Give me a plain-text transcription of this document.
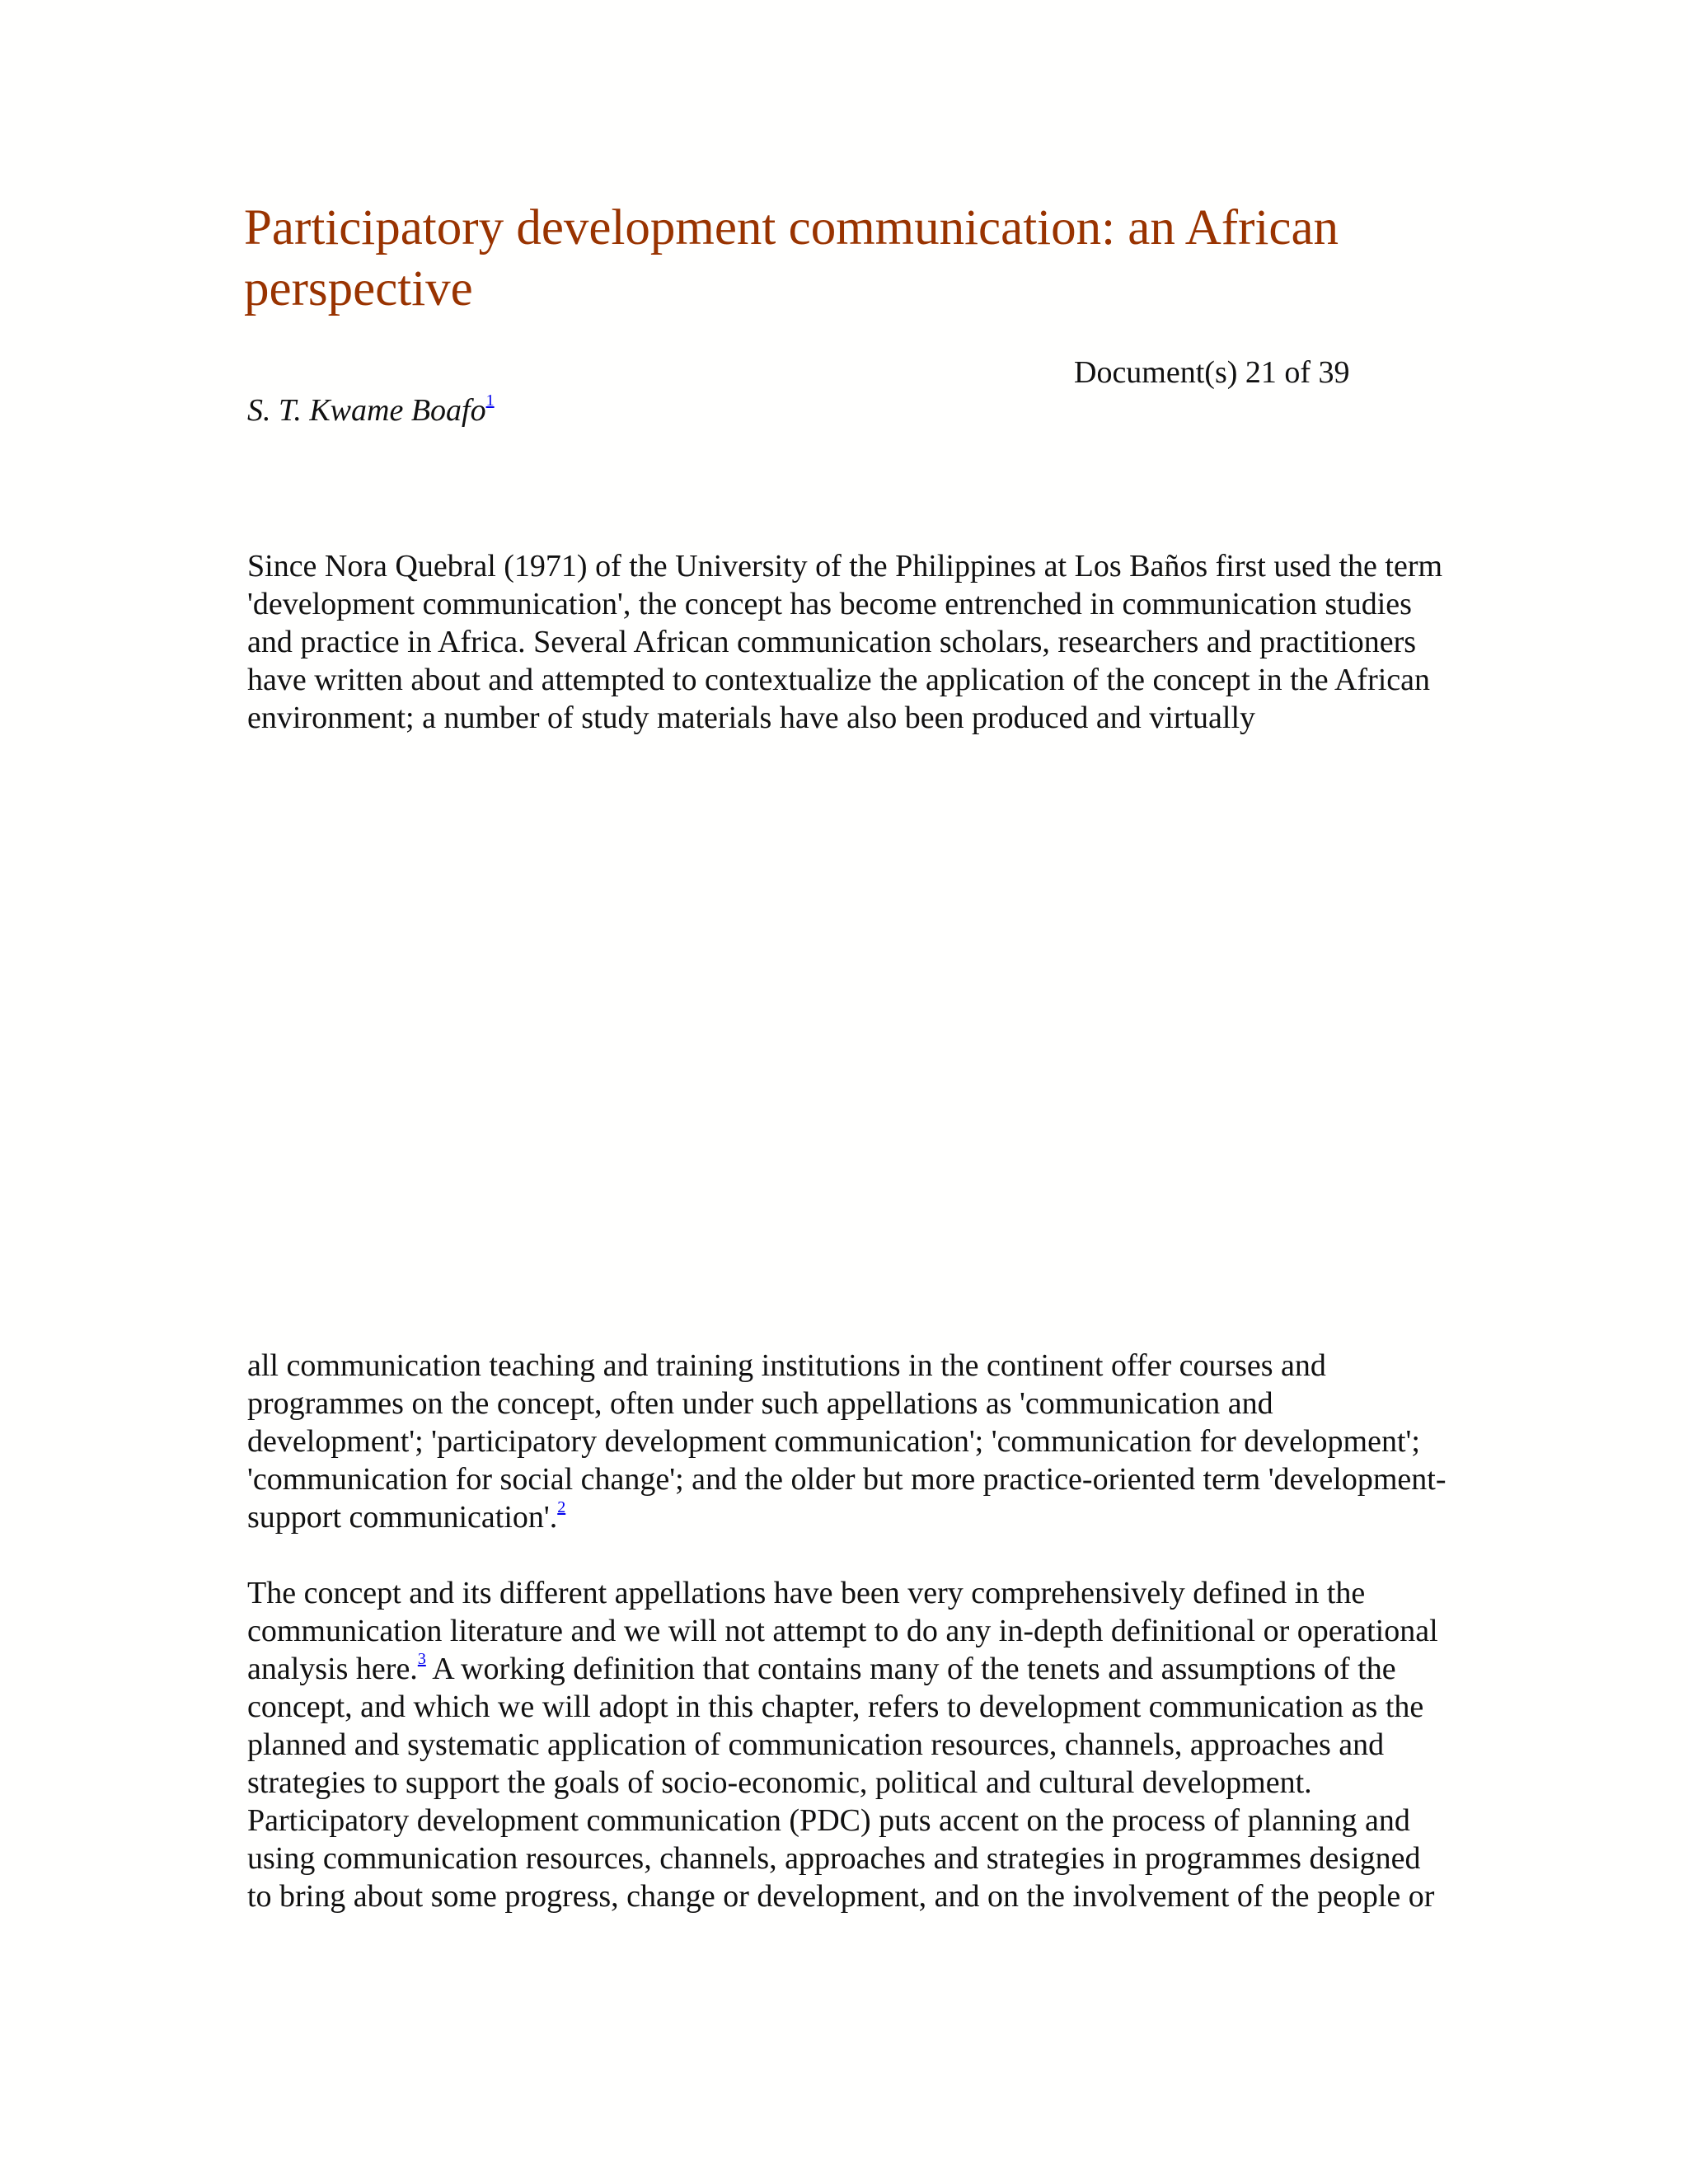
Participatory development communication: an African perspective
Document(s) 21 of 39
S. T. Kwame Boafo$^1$

Since Nora Quebral (1971) of the University of the Philippines at Los Baños first used the term 'development communication', the concept has become entrenched in communication studies and practice in Africa. Several African communication scholars, researchers and practitioners have written about and attempted to contextualize the application of the concept in the African environment; a number of study materials have also been produced and virtually

all communication teaching and training institutions in the continent offer courses and programmes on the concept, often under such appellations as 'communication and development'; 'participatory development communication'; 'communication for development'; 'communication for social change'; and the older but more practice-oriented term 'development-support communication'.$^2$

The concept and its different appellations have been very comprehensively defined in the communication literature and we will not attempt to do any in-depth definitional or operational analysis here.$^3$ A working definition that contains many of the tenets and assumptions of the concept, and which we will adopt in this chapter, refers to development communication as the planned and systematic application of communication resources, channels, approaches and strategies to support the goals of socio-economic, political and cultural development. Participatory development communication (PDC) puts accent on the process of planning and using communication resources, channels, approaches and strategies in programmes designed to bring about some progress, change or development, and on the involvement of the people or
